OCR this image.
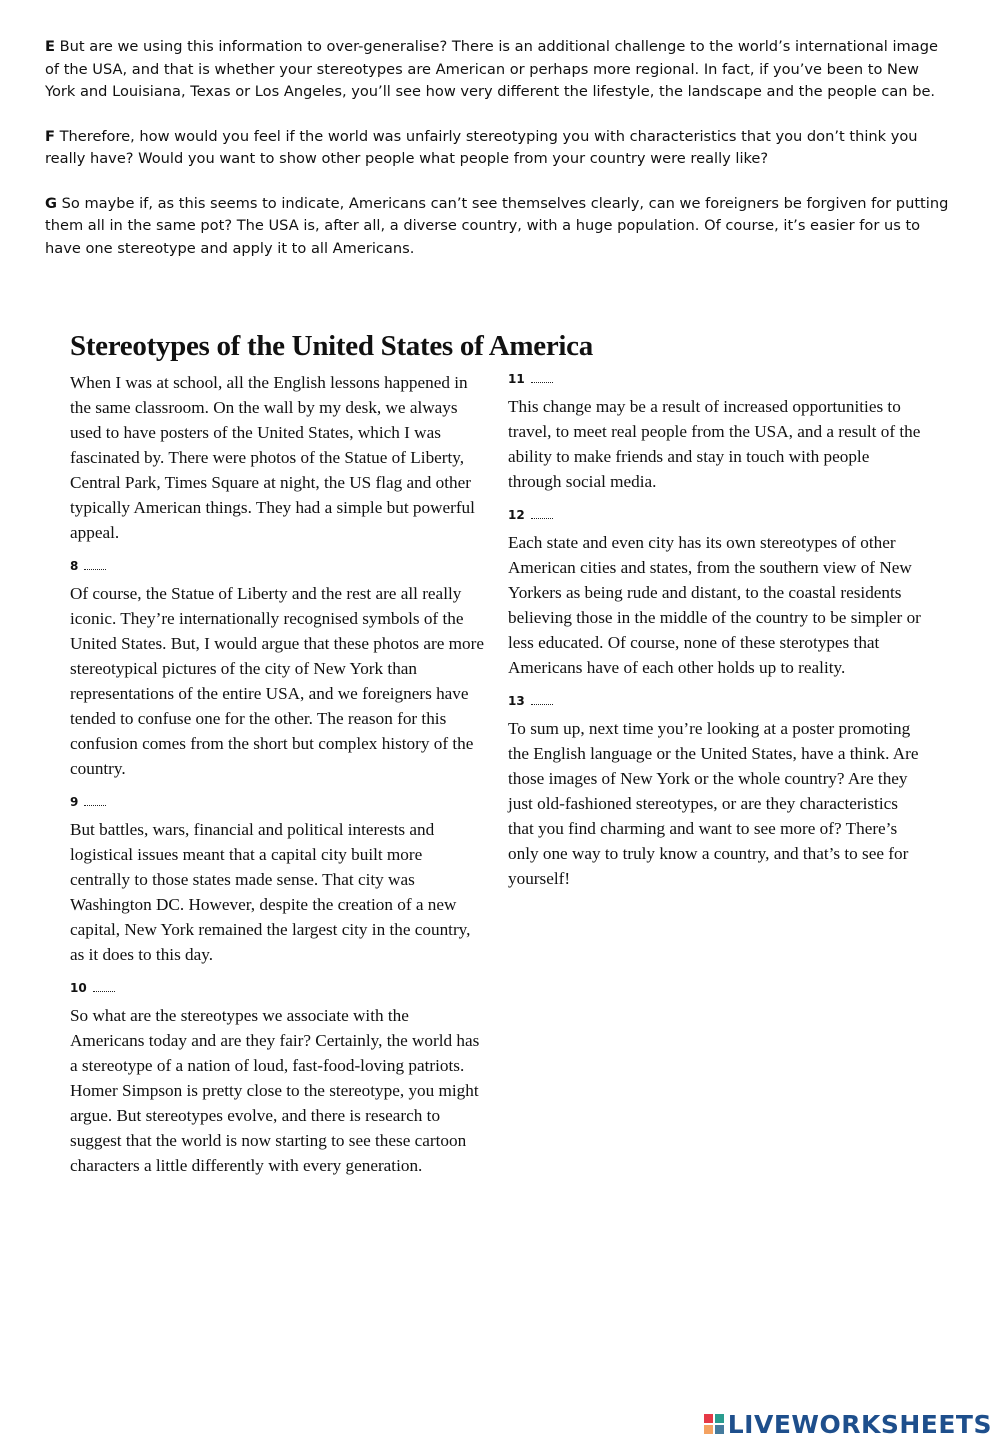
E But are we using this information to over-generalise? There is an additional challenge to the world’s international image of the USA, and that is whether your stereotypes are American or perhaps more regional. In fact, if you’ve been to New York and Louisiana, Texas or Los Angeles, you’ll see how very different the lifestyle, the landscape and the people can be.

F Therefore, how would you feel if the world was unfairly stereotyping you with characteristics that you don’t think you really have? Would you want to show other people what people from your country were really like?

G So maybe if, as this seems to indicate, Americans can’t see themselves clearly, can we foreigners be forgiven for putting them all in the same pot? The USA is, after all, a diverse country, with a huge population. Of course, it’s easier for us to have one stereotype and apply it to all Americans.

Stereotypes of the United States of America

When I was at school, all the English lessons happened in the same classroom. On the wall by my desk, we always used to have posters of the United States, which I was fascinated by. There were photos of the Statue of Liberty, Central Park, Times Square at night, the US flag and other typically American things. They had a simple but powerful appeal.

8

Of course, the Statue of Liberty and the rest are all really iconic. They’re internationally recognised symbols of the United States. But, I would argue that these photos are more stereotypical pictures of the city of New York than representations of the entire USA, and we foreigners have tended to confuse one for the other. The reason for this confusion comes from the short but complex history of the country.

9

But battles, wars, financial and political interests and logistical issues meant that a capital city built more centrally to those states made sense. That city was Washington DC. However, despite the creation of a new capital, New York remained the largest city in the country, as it does to this day.

10

So what are the stereotypes we associate with the Americans today and are they fair? Certainly, the world has a stereotype of a nation of loud, fast-food-loving patriots. Homer Simpson is pretty close to the stereotype, you might argue. But stereotypes evolve, and there is research to suggest that the world is now starting to see these cartoon characters a little differently with every generation.

11

This change may be a result of increased opportunities to travel, to meet real people from the USA, and a result of the ability to make friends and stay in touch with people through social media.

12

Each state and even city has its own stereotypes of other American cities and states, from the southern view of New Yorkers as being rude and distant, to the coastal residents believing those in the middle of the country to be simpler or less educated. Of course, none of these sterotypes that Americans have of each other holds up to reality.

13

To sum up, next time you’re looking at a poster promoting the English language or the United States, have a think. Are those images of New York or the whole country? Are they just old-fashioned stereotypes, or are they characteristics that you find charming and want to see more of? There’s only one way to truly know a country, and that’s to see for yourself!

LIVEWORKSHEETS
